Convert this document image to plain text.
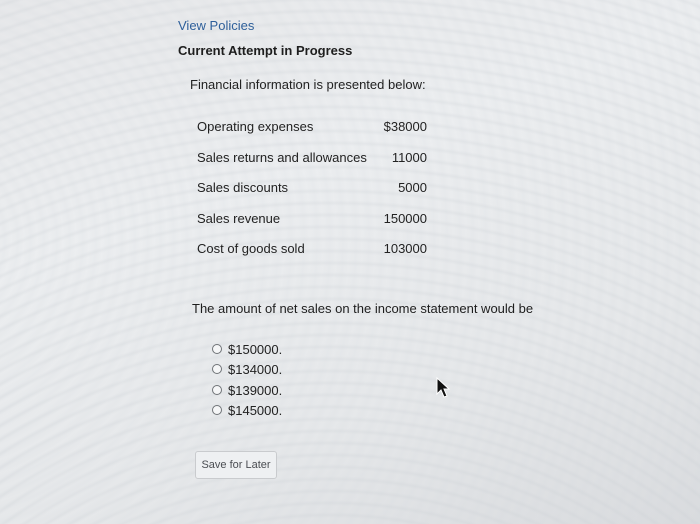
View Policies
Current Attempt in Progress
Financial information is presented below:
Operating expenses	$38000
Sales returns and allowances 11000
Sales discounts	5000
Sales revenue	150000
Cost of goods sold	103000
The amount of net sales on the income statement would be
$150000.
$134000.
$139000.
$145000.
Save for Later
